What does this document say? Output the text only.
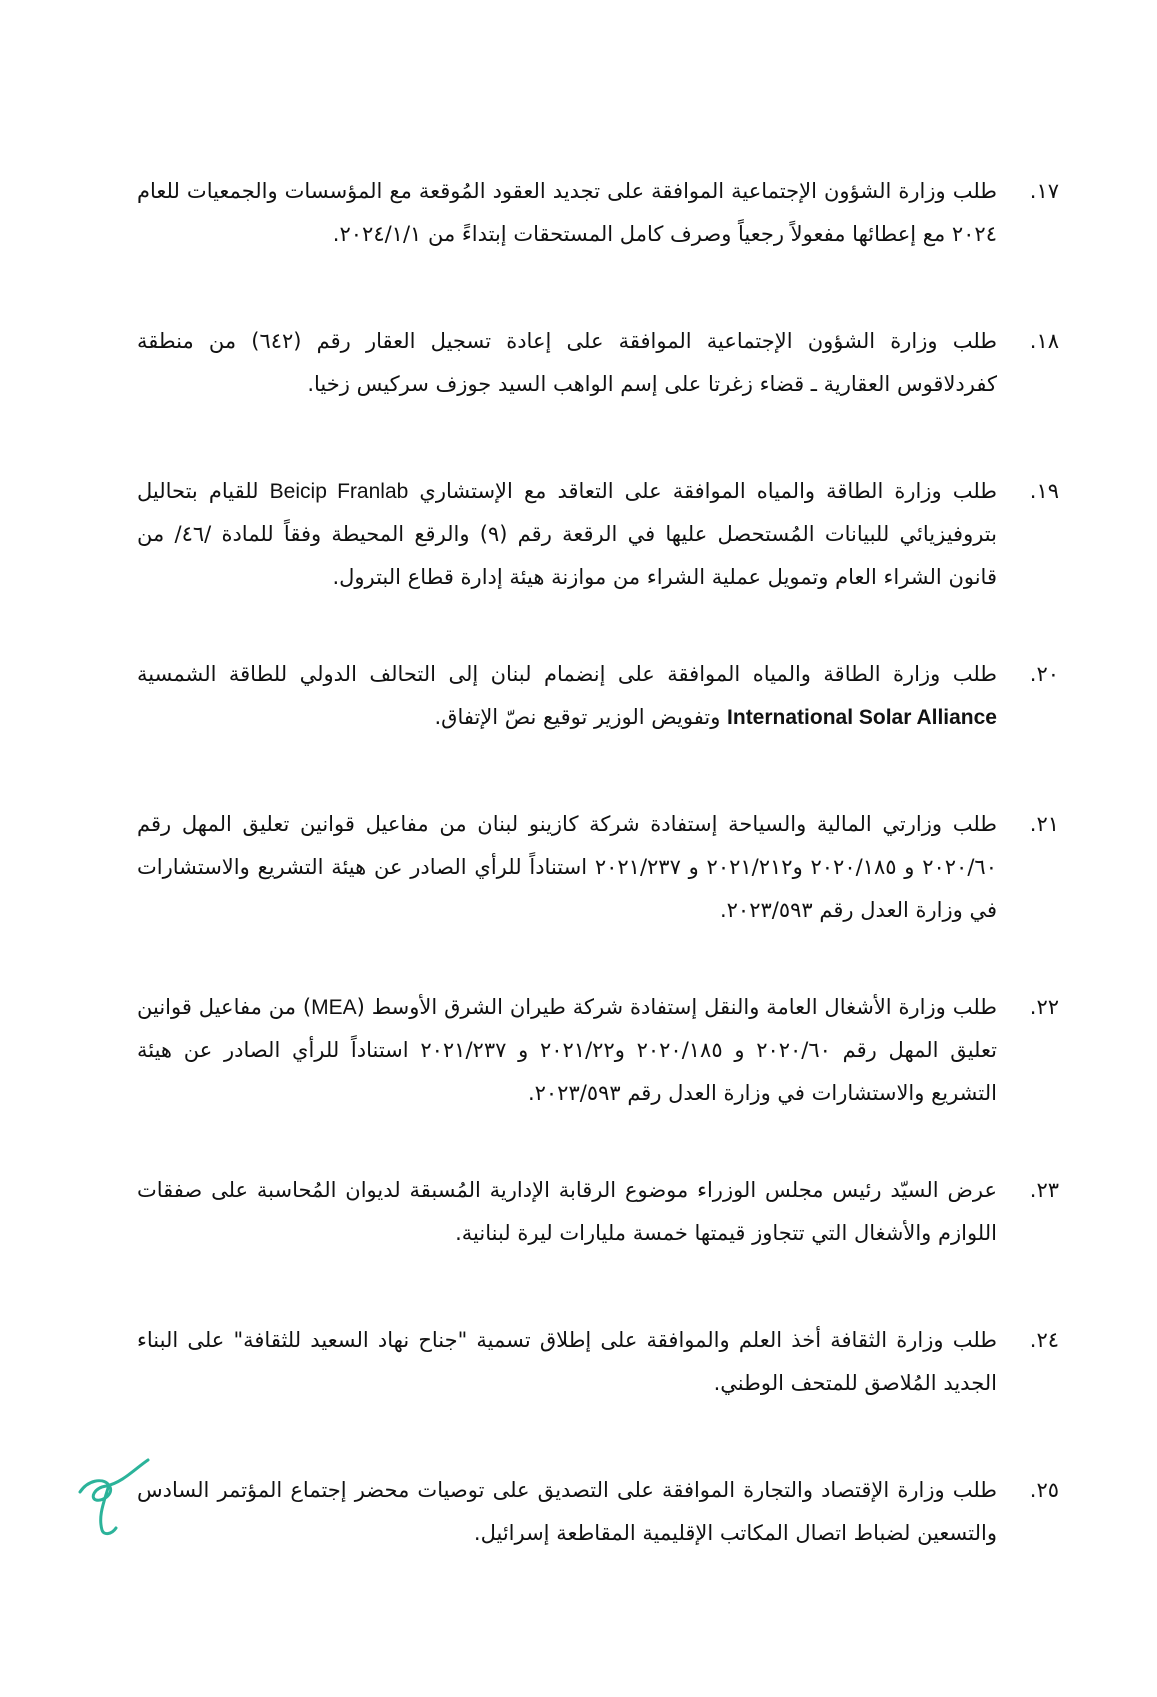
١٧.
طلب وزارة الشؤون الإجتماعية الموافقة على تجديد العقود المُوقعة مع المؤسسات والجمعيات للعام ٢٠٢٤ مع إعطائها مفعولاً رجعياً وصرف كامل المستحقات إبتداءً من ٢٠٢٤/١/١.
١٨.
طلب وزارة الشؤون الإجتماعية الموافقة على إعادة تسجيل العقار رقم (٦٤٢) من منطقة كفردلاقوس العقارية ـ قضاء زغرتا على إسم الواهب السيد جوزف سركيس زخيا.
١٩.
طلب وزارة الطاقة والمياه الموافقة على التعاقد مع الإستشاري Beicip Franlab للقيام بتحاليل بتروفيزيائي للبيانات المُستحصل عليها في الرقعة رقم (٩) والرقع المحيطة وفقاً للمادة /٤٦/ من قانون الشراء العام وتمويل عملية الشراء من موازنة هيئة إدارة قطاع البترول.
٢٠.
طلب وزارة الطاقة والمياه الموافقة على إنضمام لبنان إلى التحالف الدولي للطاقة الشمسية International Solar Alliance وتفويض الوزير توقيع نصّ الإتفاق.
٢١.
طلب وزارتي المالية والسياحة إستفادة شركة كازينو لبنان من مفاعيل قوانين تعليق المهل رقم ٢٠٢٠/٦٠ و ٢٠٢٠/١٨٥ و٢٠٢١/٢١٢ و ٢٠٢١/٢٣٧ استناداً للرأي الصادر عن هيئة التشريع والاستشارات في وزارة العدل رقم ٢٠٢٣/٥٩٣.
٢٢.
طلب وزارة الأشغال العامة والنقل إستفادة شركة طيران الشرق الأوسط (MEA) من مفاعيل قوانين تعليق المهل رقم ٢٠٢٠/٦٠ و ٢٠٢٠/١٨٥ و٢٠٢١/٢٢ و ٢٠٢١/٢٣٧ استناداً للرأي الصادر عن هيئة التشريع والاستشارات في وزارة العدل رقم ٢٠٢٣/٥٩٣.
٢٣.
عرض السيّد رئيس مجلس الوزراء موضوع الرقابة الإدارية المُسبقة لديوان المُحاسبة على صفقات اللوازم والأشغال التي تتجاوز قيمتها خمسة مليارات ليرة لبنانية.
٢٤.
طلب وزارة الثقافة أخذ العلم والموافقة على إطلاق تسمية "جناح نهاد السعيد للثقافة" على البناء الجديد المُلاصق للمتحف الوطني.
٢٥.
طلب وزارة الإقتصاد والتجارة الموافقة على التصديق على توصيات محضر إجتماع المؤتمر السادس والتسعين لضباط اتصال المكاتب الإقليمية المقاطعة إسرائيل.
